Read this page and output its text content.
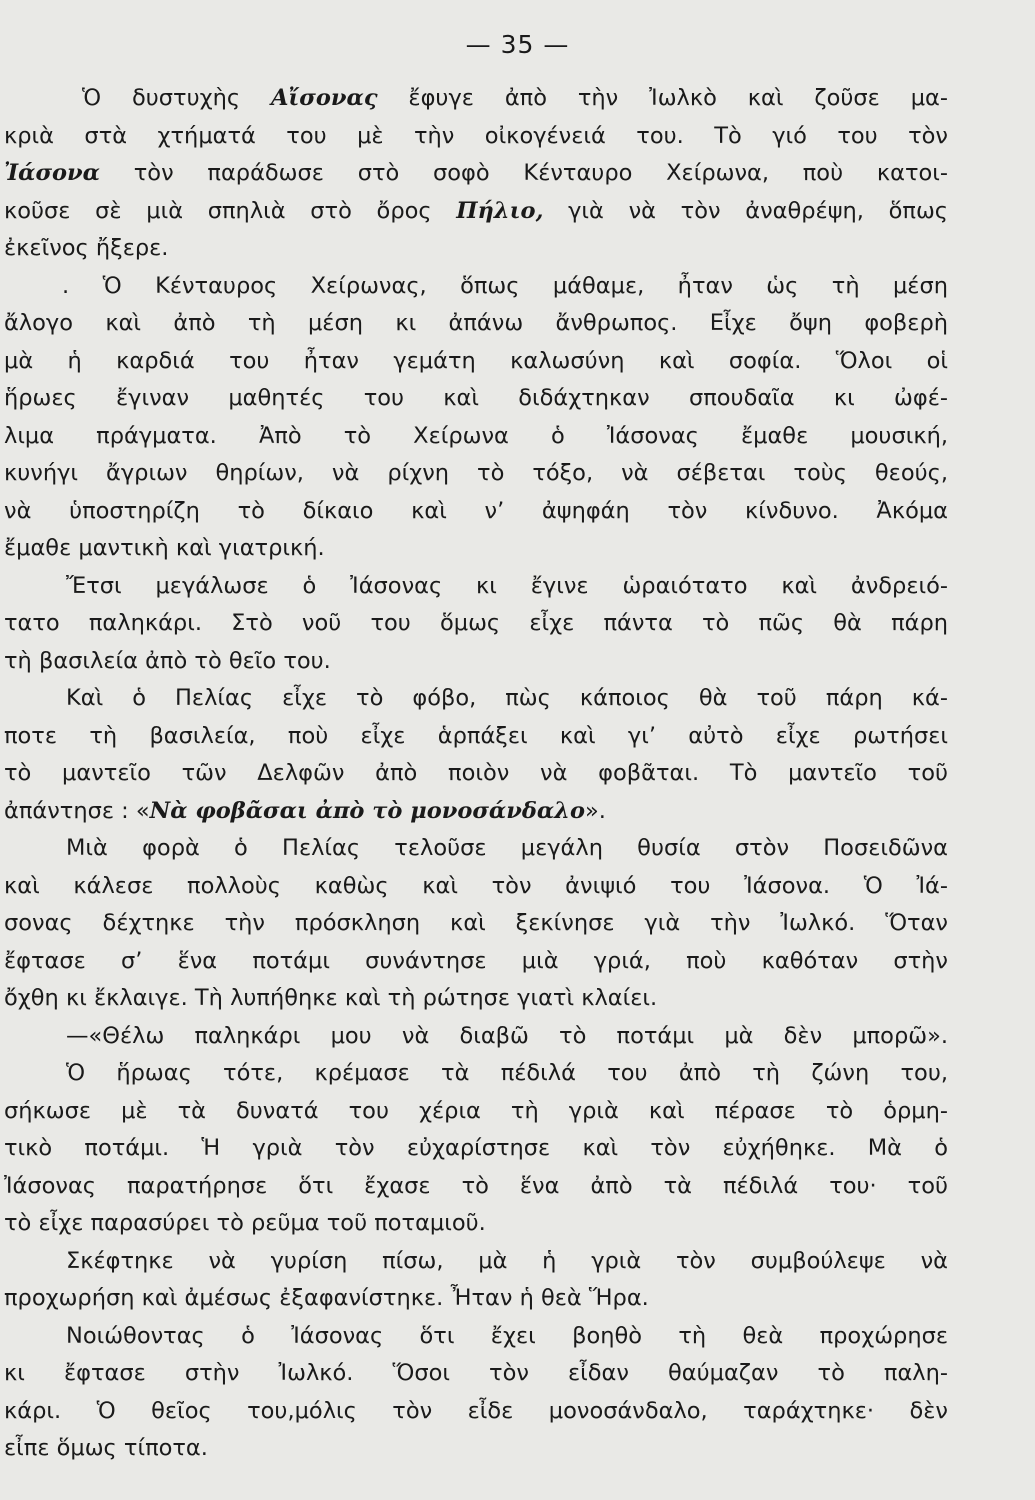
— 35 —
Ὁ δυστυχὴς Αἴσονας ἔφυγε ἀπὸ τὴν Ἰωλκὸ καὶ ζοῦσε μα-
κριὰ στὰ χτήματά του μὲ τὴν οἰκογένειά του. Τὸ γιό του τὸν
Ἰάσονα τὸν παράδωσε στὸ σοφὸ Κένταυρο Χείρωνα, ποὺ κατοι-
κοῦσε σὲ μιὰ σπηλιὰ στὸ ὄρος Πήλιο, γιὰ νὰ τὸν ἀναθρέψη, ὅπως
ἐκεῖνος ἤξερε.
. Ὁ Κένταυρος Χείρωνας, ὅπως μάθαμε, ἦταν ὡς τὴ μέση
ἄλογο καὶ ἀπὸ τὴ μέση κι ἀπάνω ἄνθρωπος. Εἶχε ὄψη φοβερὴ
μὰ ἡ καρδιά του ἦταν γεμάτη καλωσύνη καὶ σοφία. Ὅλοι οἱ
ἥρωες ἔγιναν μαθητές του καὶ διδάχτηκαν σπουδαῖα κι ὠφέ-
λιμα πράγματα. Ἀπὸ τὸ Χείρωνα ὁ Ἰάσονας ἔμαθε μουσική,
κυνήγι ἄγριων θηρίων, νὰ ρίχνη τὸ τόξο, νὰ σέβεται τοὺς θεούς,
νὰ ὑποστηρίζη τὸ δίκαιο καὶ ν’ ἀψηφάη τὸν κίνδυνο. Ἀκόμα
ἔμαθε μαντικὴ καὶ γιατρική.
Ἔτσι μεγάλωσε ὁ Ἰάσονας κι ἔγινε ὡραιότατο καὶ ἀνδρειό-
τατο παληκάρι. Στὸ νοῦ του ὅμως εἶχε πάντα τὸ πῶς θὰ πάρη
τὴ βασιλεία ἀπὸ τὸ θεῖο του.
Καὶ ὁ Πελίας εἶχε τὸ φόβο, πὼς κάποιος θὰ τοῦ πάρη κά-
ποτε τὴ βασιλεία, ποὺ εἶχε ἁρπάξει καὶ γι’ αὐτὸ εἶχε ρωτήσει
τὸ μαντεῖο τῶν Δελφῶν ἀπὸ ποιὸν νὰ φοβᾶται. Τὸ μαντεῖο τοῦ
ἀπάντησε : «Νὰ φοβᾶσαι ἀπὸ τὸ μονοσάνδαλο».
Μιὰ φορὰ ὁ Πελίας τελοῦσε μεγάλη θυσία στὸν Ποσειδῶνα
καὶ κάλεσε πολλοὺς καθὼς καὶ τὸν ἀνιψιό του Ἰάσονα. Ὁ Ἰά-
σονας δέχτηκε τὴν πρόσκληση καὶ ξεκίνησε γιὰ τὴν Ἰωλκό. Ὅταν
ἔφτασε σ’ ἕνα ποτάμι συνάντησε μιὰ γριά, ποὺ καθόταν στὴν
ὄχθη κι ἔκλαιγε. Τὴ λυπήθηκε καὶ τὴ ρώτησε γιατὶ κλαίει.
—«Θέλω παληκάρι μου νὰ διαβῶ τὸ ποτάμι μὰ δὲν μπορῶ».
Ὁ ἥρωας τότε, κρέμασε τὰ πέδιλά του ἀπὸ τὴ ζώνη του,
σήκωσε μὲ τὰ δυνατά του χέρια τὴ γριὰ καὶ πέρασε τὸ ὁρμη-
τικὸ ποτάμι. Ἡ γριὰ τὸν εὐχαρίστησε καὶ τὸν εὐχήθηκε. Μὰ ὁ
Ἰάσονας παρατήρησε ὅτι ἔχασε τὸ ἕνα ἀπὸ τὰ πέδιλά του· τοῦ
τὸ εἶχε παρασύρει τὸ ρεῦμα τοῦ ποταμιοῦ.
Σκέφτηκε νὰ γυρίση πίσω, μὰ ἡ γριὰ τὸν συμβούλεψε νὰ
προχωρήση καὶ ἀμέσως ἐξαφανίστηκε. Ἦταν ἡ θεὰ Ἥρα.
Νοιώθοντας ὁ Ἰάσονας ὅτι ἔχει βοηθὸ τὴ θεὰ προχώρησε
κι ἔφτασε στὴν Ἰωλκό. Ὅσοι τὸν εἶδαν θαύμαζαν τὸ παλη-
κάρι. Ὁ θεῖος του,μόλις τὸν εἶδε μονοσάνδαλο, ταράχτηκε· δὲν
εἶπε ὅμως τίποτα.
